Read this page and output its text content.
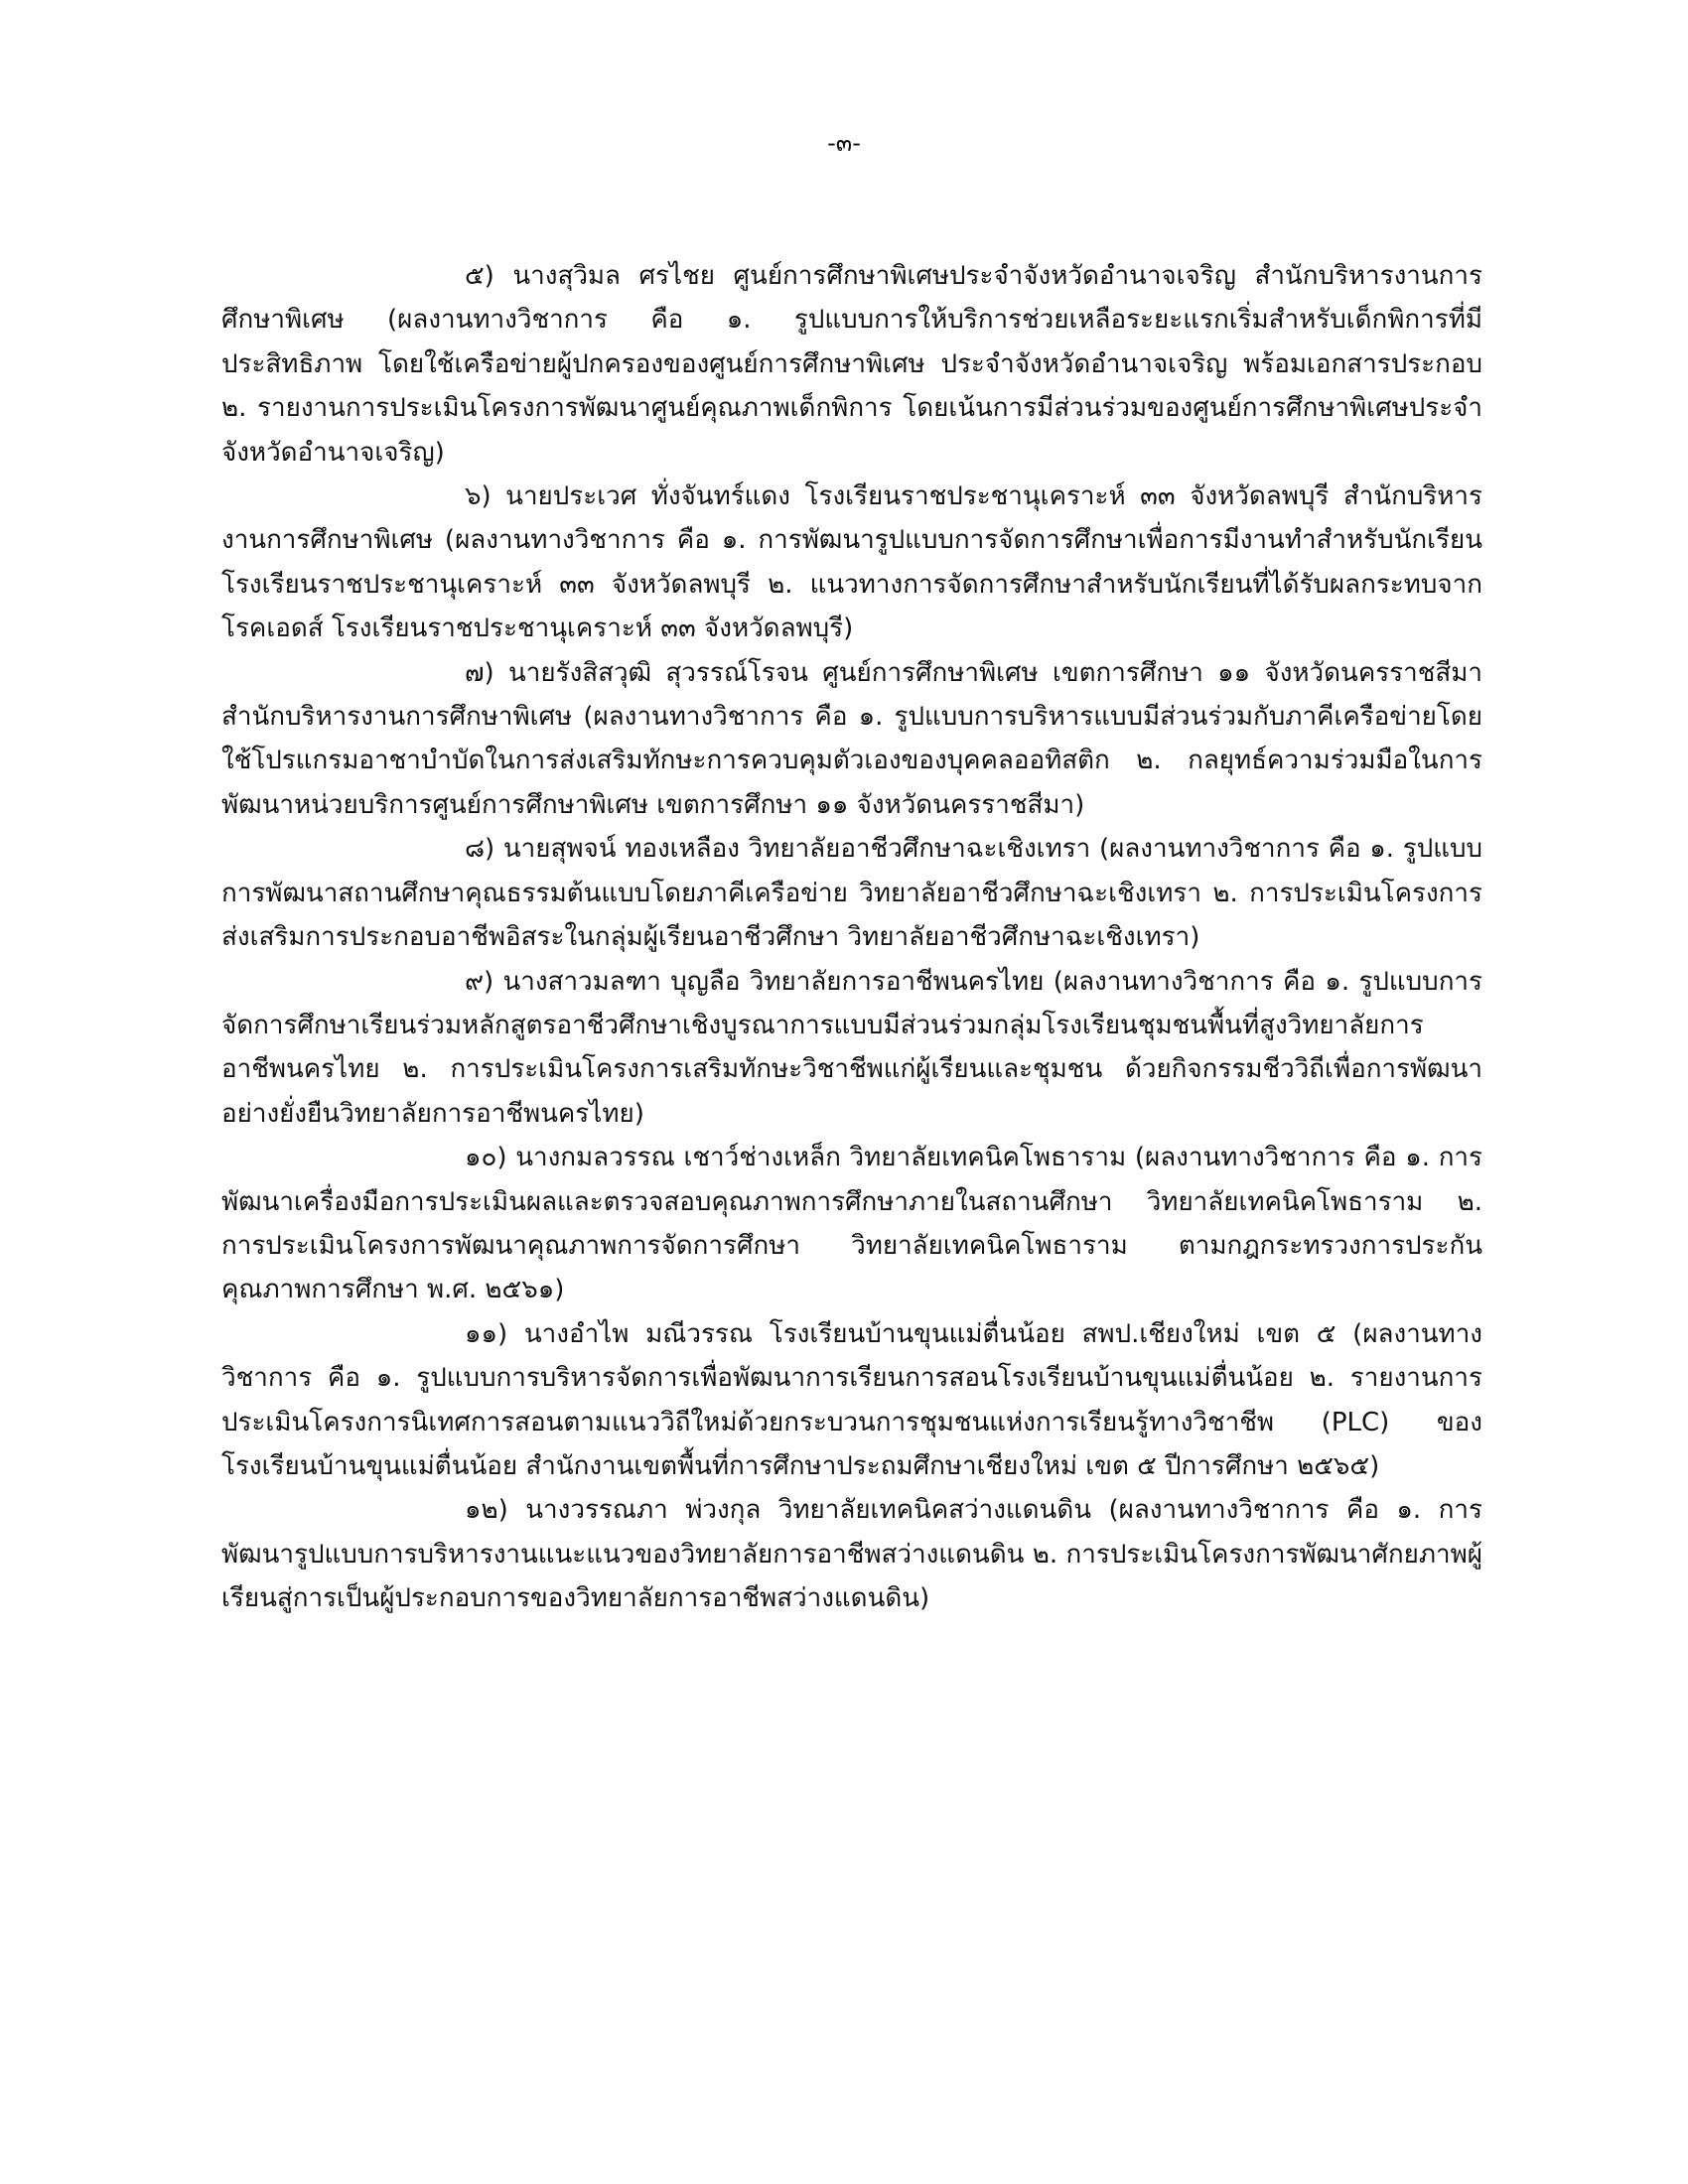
-๓-

๕) นางสุวิมล ศรไชย ศูนย์การศึกษาพิเศษประจำจังหวัดอำนาจเจริญ สำนักบริหารงานการศึกษาพิเศษ (ผลงานทางวิชาการ คือ ๑. รูปแบบการให้บริการช่วยเหลือระยะแรกเริ่มสำหรับเด็กพิการที่มีประสิทธิภาพ โดยใช้เครือข่ายผู้ปกครองของศูนย์การศึกษาพิเศษ ประจำจังหวัดอำนาจเจริญ พร้อมเอกสารประกอบ ๒. รายงานการประเมินโครงการพัฒนาศูนย์คุณภาพเด็กพิการ โดยเน้นการมีส่วนร่วมของศูนย์การศึกษาพิเศษประจำจังหวัดอำนาจเจริญ)

๖) นายประเวศ ทั่งจันทร์แดง โรงเรียนราชประชานุเคราะห์ ๓๓ จังหวัดลพบุรี สำนักบริหารงานการศึกษาพิเศษ (ผลงานทางวิชาการ คือ ๑. การพัฒนารูปแบบการจัดการศึกษาเพื่อการมีงานทำสำหรับนักเรียนโรงเรียนราชประชานุเคราะห์ ๓๓ จังหวัดลพบุรี ๒. แนวทางการจัดการศึกษาสำหรับนักเรียนที่ได้รับผลกระทบจากโรคเอดส์ โรงเรียนราชประชานุเคราะห์ ๓๓ จังหวัดลพบุรี)

๗) นายรังสิสวุฒิ สุวรรณ์โรจน ศูนย์การศึกษาพิเศษ เขตการศึกษา ๑๑ จังหวัดนครราชสีมาสำนักบริหารงานการศึกษาพิเศษ (ผลงานทางวิชาการ คือ ๑. รูปแบบการบริหารแบบมีส่วนร่วมกับภาคีเครือข่ายโดยใช้โปรแกรมอาชาบำบัดในการส่งเสริมทักษะการควบคุมตัวเองของบุคคลออทิสติก ๒. กลยุทธ์ความร่วมมือในการพัฒนาหน่วยบริการศูนย์การศึกษาพิเศษ เขตการศึกษา ๑๑ จังหวัดนครราชสีมา)

๘) นายสุพจน์ ทองเหลือง วิทยาลัยอาชีวศึกษาฉะเชิงเทรา (ผลงานทางวิชาการ คือ ๑. รูปแบบการพัฒนาสถานศึกษาคุณธรรมต้นแบบโดยภาคีเครือข่าย วิทยาลัยอาชีวศึกษาฉะเชิงเทรา ๒. การประเมินโครงการส่งเสริมการประกอบอาชีพอิสระในกลุ่มผู้เรียนอาชีวศึกษา วิทยาลัยอาชีวศึกษาฉะเชิงเทรา)

๙) นางสาวมลฑา บุญลือ วิทยาลัยการอาชีพนครไทย (ผลงานทางวิชาการ คือ ๑. รูปแบบการจัดการศึกษาเรียนร่วมหลักสูตรอาชีวศึกษาเชิงบูรณาการแบบมีส่วนร่วมกลุ่มโรงเรียนชุมชนพื้นที่สูงวิทยาลัยการอาชีพนครไทย ๒. การประเมินโครงการเสริมทักษะวิชาชีพแก่ผู้เรียนและชุมชน ด้วยกิจกรรมชีววิถีเพื่อการพัฒนาอย่างยั่งยืนวิทยาลัยการอาชีพนครไทย)

๑๐) นางกมลวรรณ เชาว์ช่างเหล็ก วิทยาลัยเทคนิคโพธาราม (ผลงานทางวิชาการ คือ ๑. การพัฒนาเครื่องมือการประเมินผลและตรวจสอบคุณภาพการศึกษาภายในสถานศึกษา วิทยาลัยเทคนิคโพธาราม ๒. การประเมินโครงการพัฒนาคุณภาพการจัดการศึกษา วิทยาลัยเทคนิคโพธาราม ตามกฎกระทรวงการประกันคุณภาพการศึกษา พ.ศ. ๒๕๖๑)

๑๑) นางอำไพ มณีวรรณ โรงเรียนบ้านขุนแม่ตื่นน้อย สพป.เชียงใหม่ เขต ๕ (ผลงานทางวิชาการ คือ ๑. รูปแบบการบริหารจัดการเพื่อพัฒนาการเรียนการสอนโรงเรียนบ้านขุนแม่ตื่นน้อย ๒. รายงานการประเมินโครงการนิเทศการสอนตามแนววิถีใหม่ด้วยกระบวนการชุมชนแห่งการเรียนรู้ทางวิชาชีพ (PLC) ของโรงเรียนบ้านขุนแม่ตื่นน้อย สำนักงานเขตพื้นที่การศึกษาประถมศึกษาเชียงใหม่ เขต ๕ ปีการศึกษา ๒๕๖๕)

๑๒) นางวรรณภา พ่วงกุล วิทยาลัยเทคนิคสว่างแดนดิน (ผลงานทางวิชาการ คือ ๑. การพัฒนารูปแบบการบริหารงานแนะแนวของวิทยาลัยการอาชีพสว่างแดนดิน ๒. การประเมินโครงการพัฒนาศักยภาพผู้เรียนสู่การเป็นผู้ประกอบการของวิทยาลัยการอาชีพสว่างแดนดิน)
